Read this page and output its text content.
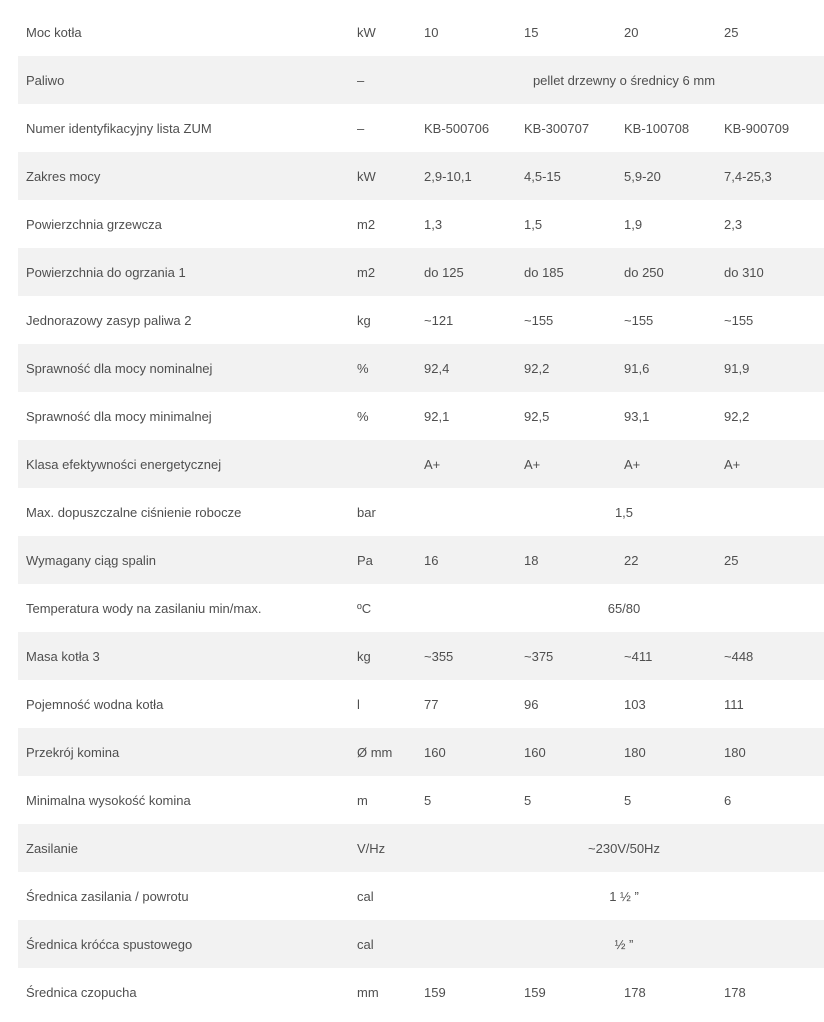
Moc kotła	kW	10	15	20	25
Paliwo	–	pellet drzewny o średnicy 6 mm			
Numer identyfikacyjny lista ZUM	–	KB-500706	KB-300707	KB-100708	KB-900709
Zakres mocy	kW	2,9-10,1	4,5-15	5,9-20	7,4-25,3
Powierzchnia grzewcza	m2	1,3	1,5	1,9	2,3
Powierzchnia do ogrzania 1	m2	do 125	do 185	do 250	do 310
Jednorazowy zasyp paliwa 2	kg	~121	~155	~155	~155
Sprawność dla mocy nominalnej	%	92,4	92,2	91,6	91,9
Sprawność dla mocy minimalnej	%	92,1	92,5	93,1	92,2
Klasa efektywności energetycznej		A+	A+	A+	A+
Max. dopuszczalne ciśnienie robocze	bar	1,5			
Wymagany ciąg spalin	Pa	16	18	22	25
Temperatura wody na zasilaniu min/max.	ºC	65/80			
Masa kotła 3	kg	~355	~375	~411	~448
Pojemność wodna kotła	l	77	96	103	111
Przekrój komina	Ø mm	160	160	180	180
Minimalna wysokość komina	m	5	5	5	6
Zasilanie	V/Hz	~230V/50Hz			
Średnica zasilania / powrotu	cal	1 ½ ”			
Średnica króćca spustowego	cal	½ ”			
Średnica czopucha	mm	159	159	178	178
